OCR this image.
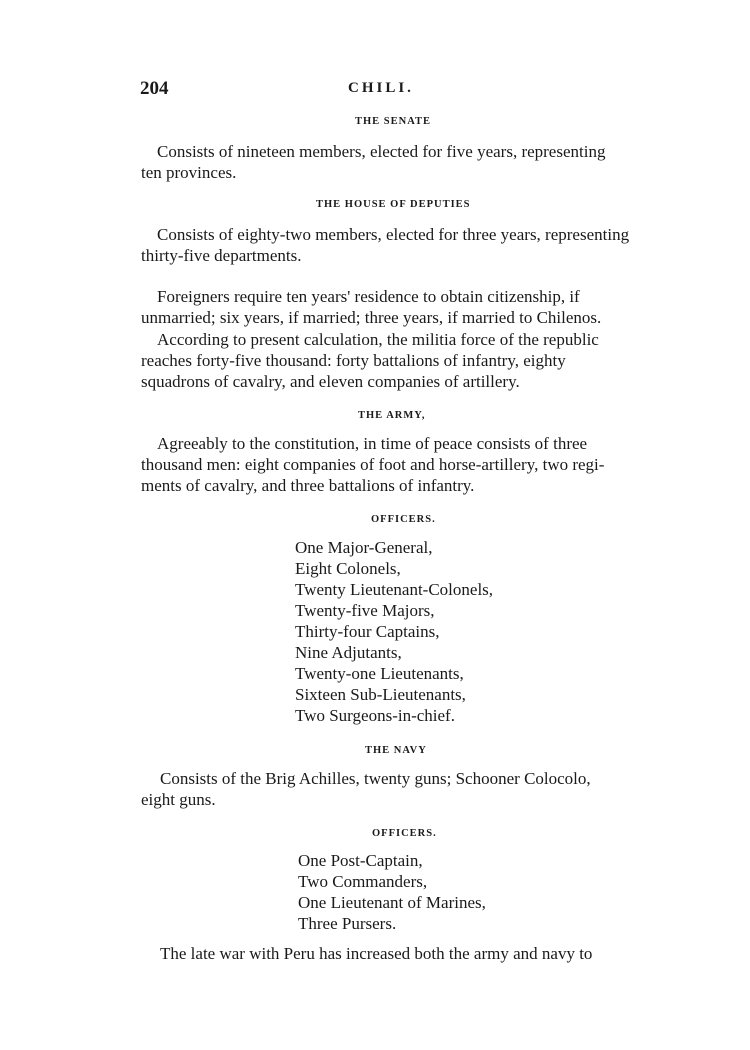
204	CHILI.
THE SENATE
Consists of nineteen members, elected for five years, representing
ten provinces.
THE HOUSE OF DEPUTIES
Consists of eighty-two members, elected for three years, representing
thirty-five departments.
Foreigners require ten years' residence to obtain citizenship, if
unmarried; six years, if married; three years, if married to Chilenos.
According to present calculation, the militia force of the republic
reaches forty-five thousand: forty battalions of infantry, eighty
squadrons of cavalry, and eleven companies of artillery.
THE ARMY,
Agreeably to the constitution, in time of peace consists of three
thousand men: eight companies of foot and horse-artillery, two regi-
ments of cavalry, and three battalions of infantry.
OFFICERS.
One Major-General,
Eight Colonels,
Twenty Lieutenant-Colonels,
Twenty-five Majors,
Thirty-four Captains,
Nine Adjutants,
Twenty-one Lieutenants,
Sixteen Sub-Lieutenants,
Two Surgeons-in-chief.
THE NAVY
Consists of the Brig Achilles, twenty guns; Schooner Colocolo,
eight guns.
OFFICERS.
One Post-Captain,
Two Commanders,
One Lieutenant of Marines,
Three Pursers.
The late war with Peru has increased both the army and navy to
